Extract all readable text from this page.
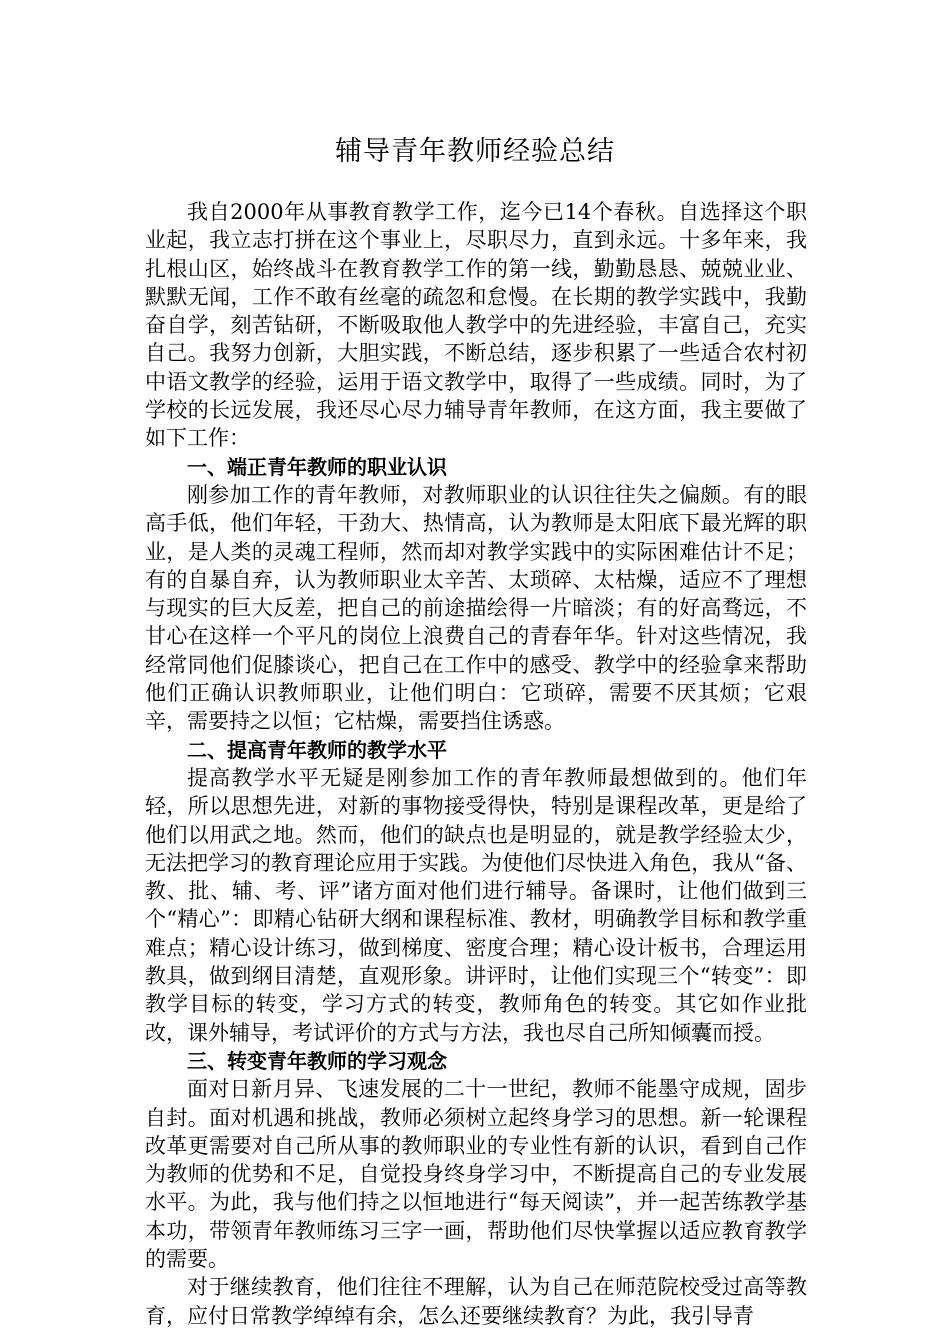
辅导青年教师经验总结

我自2000年从事教育教学工作，迄今已14个春秋。自选择这个职业起，我立志打拼在这个事业上，尽职尽力，直到永远。十多年来，我扎根山区，始终战斗在教育教学工作的第一线，勤勤恳恳、兢兢业业、默默无闻，工作不敢有丝毫的疏忽和怠慢。在长期的教学实践中，我勤奋自学，刻苦钻研，不断吸取他人教学中的先进经验，丰富自己，充实自己。我努力创新，大胆实践，不断总结，逐步积累了一些适合农村初中语文教学的经验，运用于语文教学中，取得了一些成绩。同时，为了学校的长远发展，我还尽心尽力辅导青年教师，在这方面，我主要做了如下工作：

一、端正青年教师的职业认识

刚参加工作的青年教师，对教师职业的认识往往失之偏颇。有的眼高手低，他们年轻，干劲大、热情高，认为教师是太阳底下最光辉的职业，是人类的灵魂工程师，然而却对教学实践中的实际困难估计不足；有的自暴自弃，认为教师职业太辛苦、太琐碎、太枯燥，适应不了理想与现实的巨大反差，把自己的前途描绘得一片暗淡；有的好高骛远，不甘心在这样一个平凡的岗位上浪费自己的青春年华。针对这些情况，我经常同他们促膝谈心，把自己在工作中的感受、教学中的经验拿来帮助他们正确认识教师职业，让他们明白：它琐碎，需要不厌其烦；它艰辛，需要持之以恒；它枯燥，需要挡住诱惑。

二、提高青年教师的教学水平

提高教学水平无疑是刚参加工作的青年教师最想做到的。他们年轻，所以思想先进，对新的事物接受得快，特别是课程改革，更是给了他们以用武之地。然而，他们的缺点也是明显的，就是教学经验太少，无法把学习的教育理论应用于实践。为使他们尽快进入角色，我从“备、教、批、辅、考、评”诸方面对他们进行辅导。备课时，让他们做到三个“精心”：即精心钻研大纲和课程标准、教材，明确教学目标和教学重难点；精心设计练习，做到梯度、密度合理；精心设计板书，合理运用教具，做到纲目清楚，直观形象。讲评时，让他们实现三个“转变”：即教学目标的转变，学习方式的转变，教师角色的转变。其它如作业批改，课外辅导，考试评价的方式与方法，我也尽自己所知倾囊而授。

三、转变青年教师的学习观念

面对日新月异、飞速发展的二十一世纪，教师不能墨守成规，固步自封。面对机遇和挑战，教师必须树立起终身学习的思想。新一轮课程改革更需要对自己所从事的教师职业的专业性有新的认识，看到自己作为教师的优势和不足，自觉投身终身学习中，不断提高自己的专业发展水平。为此，我与他们持之以恒地进行“每天阅读”，并一起苦练教学基本功，带领青年教师练习三字一画，帮助他们尽快掌握以适应教育教学的需要。

对于继续教育，他们往往不理解，认为自己在师范院校受过高等教育，应付日常教学绰绰有余，怎么还要继续教育？为此，我引导青
